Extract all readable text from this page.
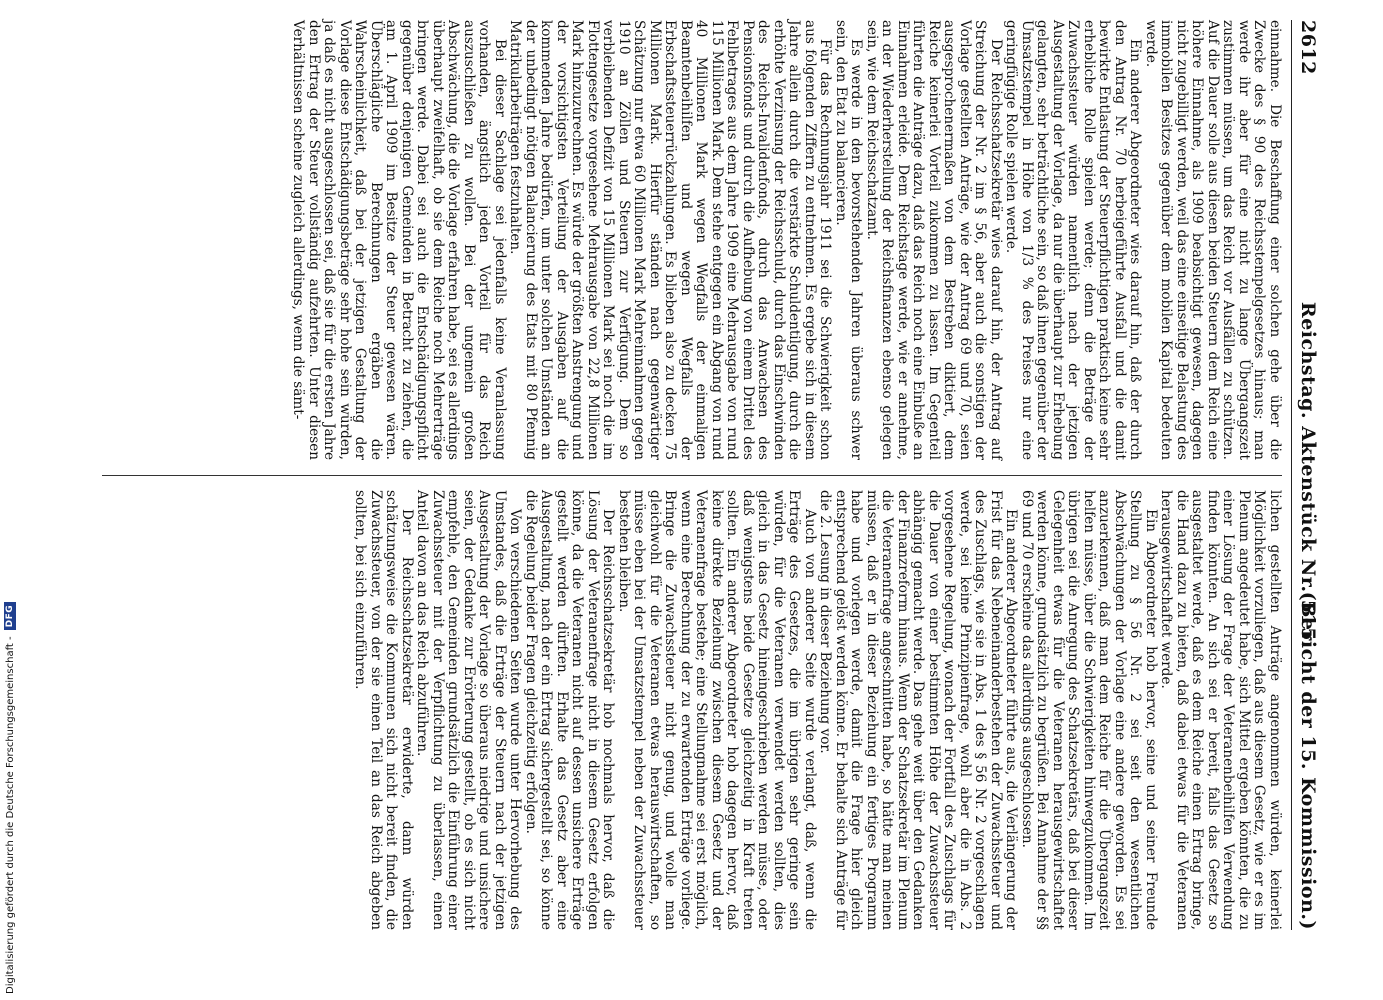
2612
Reichstag. Aktenstück Nr. 515.
(Bericht der 15. Kommission.)

einnahme. Die Beschaffung einer solchen gehe über die Zwecke des § 90 des Reichsstempelgesetzes hinaus; man werde ihr aber für eine nicht zu lange Übergangszeit zustimmen müssen, um das Reich vor Ausfällen zu schützen. Auf die Dauer solle aus diesen beiden Steuern dem Reich eine höhere Einnahme, als 1909 beabsichtigt gewesen, dagegen nicht zugebilligt werden, weil das eine einseitige Belastung des immobilen Besitzes gegenüber dem mobilen Kapital bedeuten werde.

Ein anderer Abgeordneter wies darauf hin, daß der durch den Antrag Nr. 70 herbeigeführte Ausfall und die damit bewirkte Entlastung der Steuerpflichtigen praktisch keine sehr erhebliche Rolle spielen werde; denn die Beträge der Zuwachssteuer würden namentlich nach der jetzigen Ausgestaltung der Vorlage, da nur die überhaupt zur Erhebung gelangten, sehr beträchtliche sein, so daß ihnen gegenüber der Umsatzstempel in Höhe von 1/3 % des Preises nur eine geringfügige Rolle spielen werde.

Der Reichsschatzsekretär wies darauf hin, der Antrag auf Streichung der Nr. 2 im § 56, aber auch die sonstigen der Vorlage gestellten Anträge, wie der Antrag 69 und 70, seien ausgesprochenermaßen von dem Bestreben diktiert, dem Reiche keinerlei Vorteil zukommen zu lassen. Im Gegenteil führten die Anträge dazu, daß das Reich noch eine Einbuße an Einnahmen erleide. Dem Reichstage werde, wie er annehme, an der Wiederherstellung der Reichsfinanzen ebenso gelegen sein, wie dem Reichsschatzamt.

Es werde in den bevorstehenden Jahren überaus schwer sein, den Etat zu balancieren.

Für das Rechnungsjahr 1911 sei die Schwierigkeit schon aus folgenden Ziffern zu entnehmen. Es ergebe sich in diesem Jahre allein durch die verstärkte Schuldentilgung, durch die erhöhte Verzinsung der Reichsschuld, durch das Einschwinden des Reichs-Invalidenfonds, durch das Anwachsen des Pensionsfonds und durch die Aufhebung von einem Drittel des Fehlbetrages aus dem Jahre 1909 eine Mehrausgabe von rund 115 Millionen Mark. Dem stehe entgegen ein Abgang von rund 40 Millionen Mark wegen Wegfalls der einmaligen Beamtenbeihilfen und wegen Wegfalls der Erbschaftssteuerrückzahlungen. Es blieben also zu decken 75 Millionen Mark. Hierfür ständen nach gegenwärtiger Schätzung nur etwa 60 Millionen Mark Mehreinnahmen gegen 1910 an Zöllen und Steuern zur Verfügung. Dem so verbleibenden Defizit von 15 Millionen Mark sei noch die im Flottengesetze vorgesehene Mehrausgabe von 22,8 Millionen Mark hinzuzurechnen. Es würde der größten Anstrengung und der vorsichtigsten Verteilung der Ausgaben auf die kommenden Jahre bedürfen, um unter solchen Umständen an der unbedingt nötigen Balancierung des Etats mit 80 Pfennig Matrikularbeiträgen festzuhalten.

Bei dieser Sachlage sei jedenfalls keine Veranlassung vorhanden, ängstlich jeden Vorteil für das Reich auszuschließen zu wollen. Bei der ungemein großen Abschwächung, die die Vorlage erfahren habe, sei es allerdings überhaupt zweifelhaft, ob sie dem Reiche noch Mehrerträge bringen werde. Dabei sei auch die Entschädigungspflicht gegenüber denjenigen Gemeinden in Betracht zu ziehen, die am 1. April 1909 im Besitze der Steuer gewesen wären. Überschlägliche Berechnungen ergäben die Wahrscheinlichkeit, daß bei der jetzigen Gestaltung der Vorlage diese Entschädigungsbeträge sehr hohe sein würden, ja daß es nicht ausgeschlossen sei, daß sie für die ersten Jahre den Ertrag der Steuer vollständig aufzehrten. Unter diesen Verhältnissen scheine zugleich allerdings, wenn die sämt-

lichen gestellten Anträge angenommen würden, keinerlei Möglichkeit vorzuliegen, daß aus diesem Gesetz, wie er es im Plenum angedeutet habe, sich Mittel ergeben könnten, die zu einer Lösung der Frage der Veteranenbeihilfen Verwendung finden könnten. An sich sei er bereit, falls das Gesetz so ausgestaltet werde, daß es dem Reiche einen Ertrag bringe, die Hand dazu zu bieten, daß dabei etwas für die Veteranen herausgewirtschaftet werde.

Ein Abgeordneter hob hervor, seine und seiner Freunde Stellung zu § 56 Nr. 2 sei seit den wesentlichen Abschwächungen der Vorlage eine andere geworden. Es sei anzuerkennen, daß man dem Reiche für die Übergangszeit helfen müsse, über die Schwierigkeiten hinwegzukommen. Im übrigen sei die Anregung des Schatzsekretärs, daß bei dieser Gelegenheit etwas für die Veteranen herausgewirtschaftet werden könne, grundsätzlich zu begrüßen. Bei Annahme der §§ 69 und 70 erscheine das allerdings ausgeschlossen.

Ein anderer Abgeordneter führte aus, die Verlängerung der Frist für das Nebeneinanderbestehen der Zuwachssteuer und des Zuschlags, wie sie in Abs. 1 des § 56 Nr. 2 vorgeschlagen werde, sei keine Prinzipienfrage, wohl aber die in Abs. 2 vorgesehene Regelung, wonach der Fortfall des Zuschlags für die Dauer von einer bestimmten Höhe der Zuwachssteuer abhängig gemacht werde. Das gehe weit über den Gedanken der Finanzreform hinaus. Wenn der Schatzsekretär im Plenum die Veteranenfrage angeschnitten habe, so hätte man meinen müssen, daß er in dieser Beziehung ein fertiges Programm habe und vorlegen werde, damit die Frage hier gleich entsprechend gelöst werden könne. Er behalte sich Anträge für die 2. Lesung in dieser Beziehung vor.

Auch von anderer Seite wurde verlangt, daß, wenn die Erträge des Gesetzes, die im übrigen sehr geringe sein würden, für die Veteranen verwendet werden sollten, dies gleich in das Gesetz hineingeschrieben werden müsse, oder daß wenigstens beide Gesetze gleichzeitig in Kraft treten sollten. Ein anderer Abgeordneter hob dagegen hervor, daß keine direkte Beziehung zwischen diesem Gesetz und der Veteranenfrage bestehe; eine Stellungnahme sei erst möglich, wenn eine Berechnung der zu erwartenden Erträge vorliege. Bringe die Zuwachssteuer nicht genug, und wolle man gleichwohl für die Veteranen etwas herauswirtschaften, so müsse eben bei der Umsatzstempel neben der Zuwachssteuer bestehen bleiben.

Der Reichsschatzsekretär hob nochmals hervor, daß die Lösung der Veteranenfrage nicht in diesem Gesetz erfolgen könne, da die Veteranen nicht auf dessen unsichere Erträge gestellt werden dürften. Erhalte das Gesetz aber eine Ausgestaltung, nach der ein Ertrag sichergestellt sei, so könne die Regelung beider Fragen gleichzeitig erfolgen.

Von verschiedenen Seiten wurde unter Hervorhebung des Umstandes, daß die Erträge der Steuern nach der jetzigen Ausgestaltung der Vorlage so überaus niedrige und unsichere seien, der Gedanke zur Erörterung gestellt, ob es sich nicht empfehle, den Gemeinden grundsätzlich die Einführung einer Zuwachssteuer mit der Verpflichtung zu überlassen, einen Anteil davon an das Reich abzuführen.

Der Reichsschatzsekretär erwiderte, dann würden schätzungsweise die Kommunen sich nicht bereit finden, die Zuwachssteuer, von der sie einen Teil an das Reich abgeben sollten, bei sich einzuführen.

Digitalisierung gefördert durch die Deutsche Forschungsgemeinschaft -
DFG
